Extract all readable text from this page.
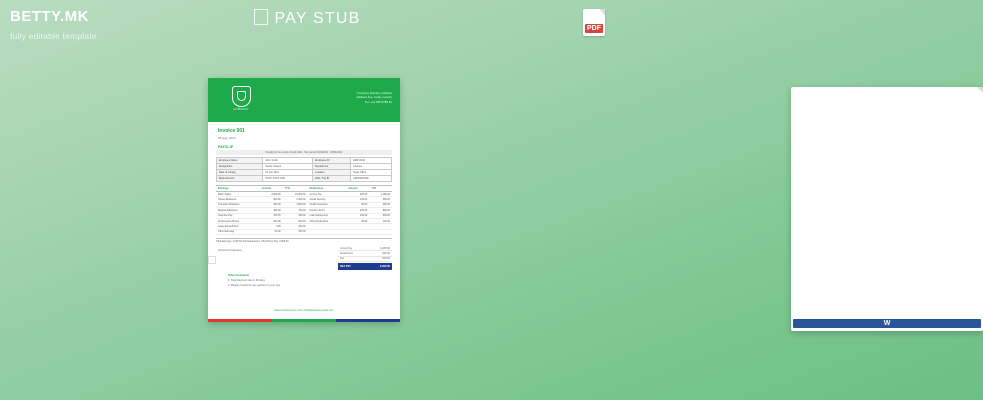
BETTY.MK
fully editable template
PAY STUB
PDF
W
COMPANY
Company Number, Address
Address line, Code, country
Tel: +12 345 6789 10
Invoice 001
05 Aug, 2024
PAYSLIP
Payslip for the month of April 2024 - Pay period 01/04/2024 - 30/04/2024
Employee Name	John Smith	Employee ID	EMP-0042
Designation	Senior Analyst	Department	Finance
Date of Joining	12 Jan 2021	Location	Head Office
Bank Account	XXXX XXXX 3321	PAN / Tax ID	ABCDE1234F
Earnings	Amount	YTD	Deductions	Amount	YTD
Basic Salary	2,500.00	10,000.00	Income Tax	320.00	1,280.00
House Allowance	600.00	2,400.00	Social Security	145.00	580.00
Transport Allowance	250.00	1,000.00	Health Insurance	90.00	360.00
Medical Allowance	180.00	720.00	Pension Fund	200.00	800.00
Overtime Pay	145.50	430.00	Loan Repayment	150.00	600.00
Performance Bonus	300.00	900.00	Other Deductions	25.00	100.00
Leave Encashment	0.00	250.00			
Other Earnings	50.00	150.00			
Total Earnings: 4,025.50 Total Deductions: 930.00 Net Pay: 3,095.50
Authorised Signatory
Gross Pay	4,025.50
Deductions	930.00
Tax	320.00
NET PAY	3,095.50
Other Comments
1. Total Payment due in 30 days
2. Please contact for any queries on your pay
www.companyname.com | hello@companyname.com
